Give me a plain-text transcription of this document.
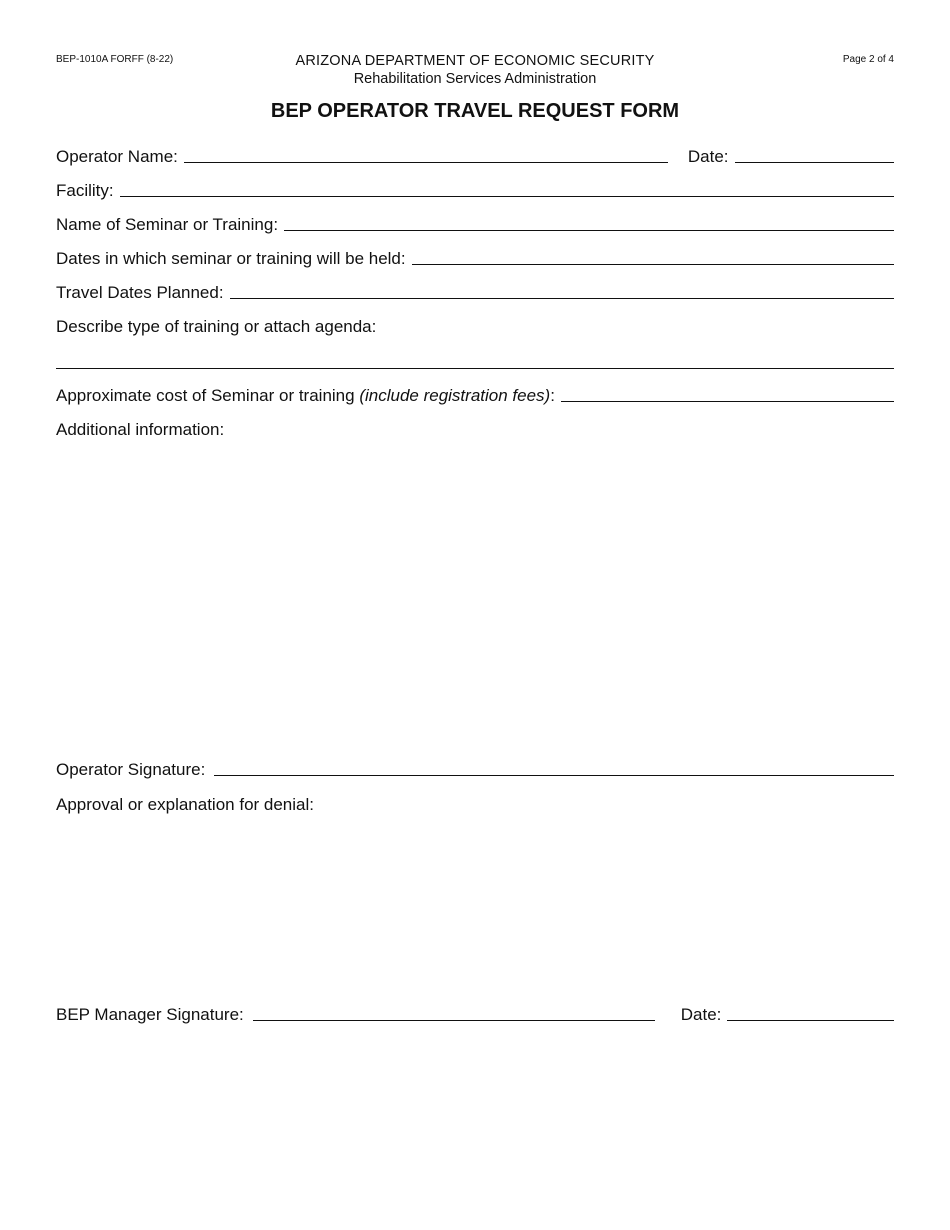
BEP-1010A FORFF (8-22)	ARIZONA DEPARTMENT OF ECONOMIC SECURITY
Rehabilitation Services Administration
Page 2 of 4
BEP OPERATOR TRAVEL REQUEST FORM
Operator Name:	Date:
Facility:
Name of Seminar or Training:
Dates in which seminar or training will be held:
Travel Dates Planned:
Describe type of training or attach agenda:
Approximate cost of Seminar or training (include registration fees):
Additional information:
Operator Signature:
Approval or explanation for denial:
BEP Manager Signature:	Date:
